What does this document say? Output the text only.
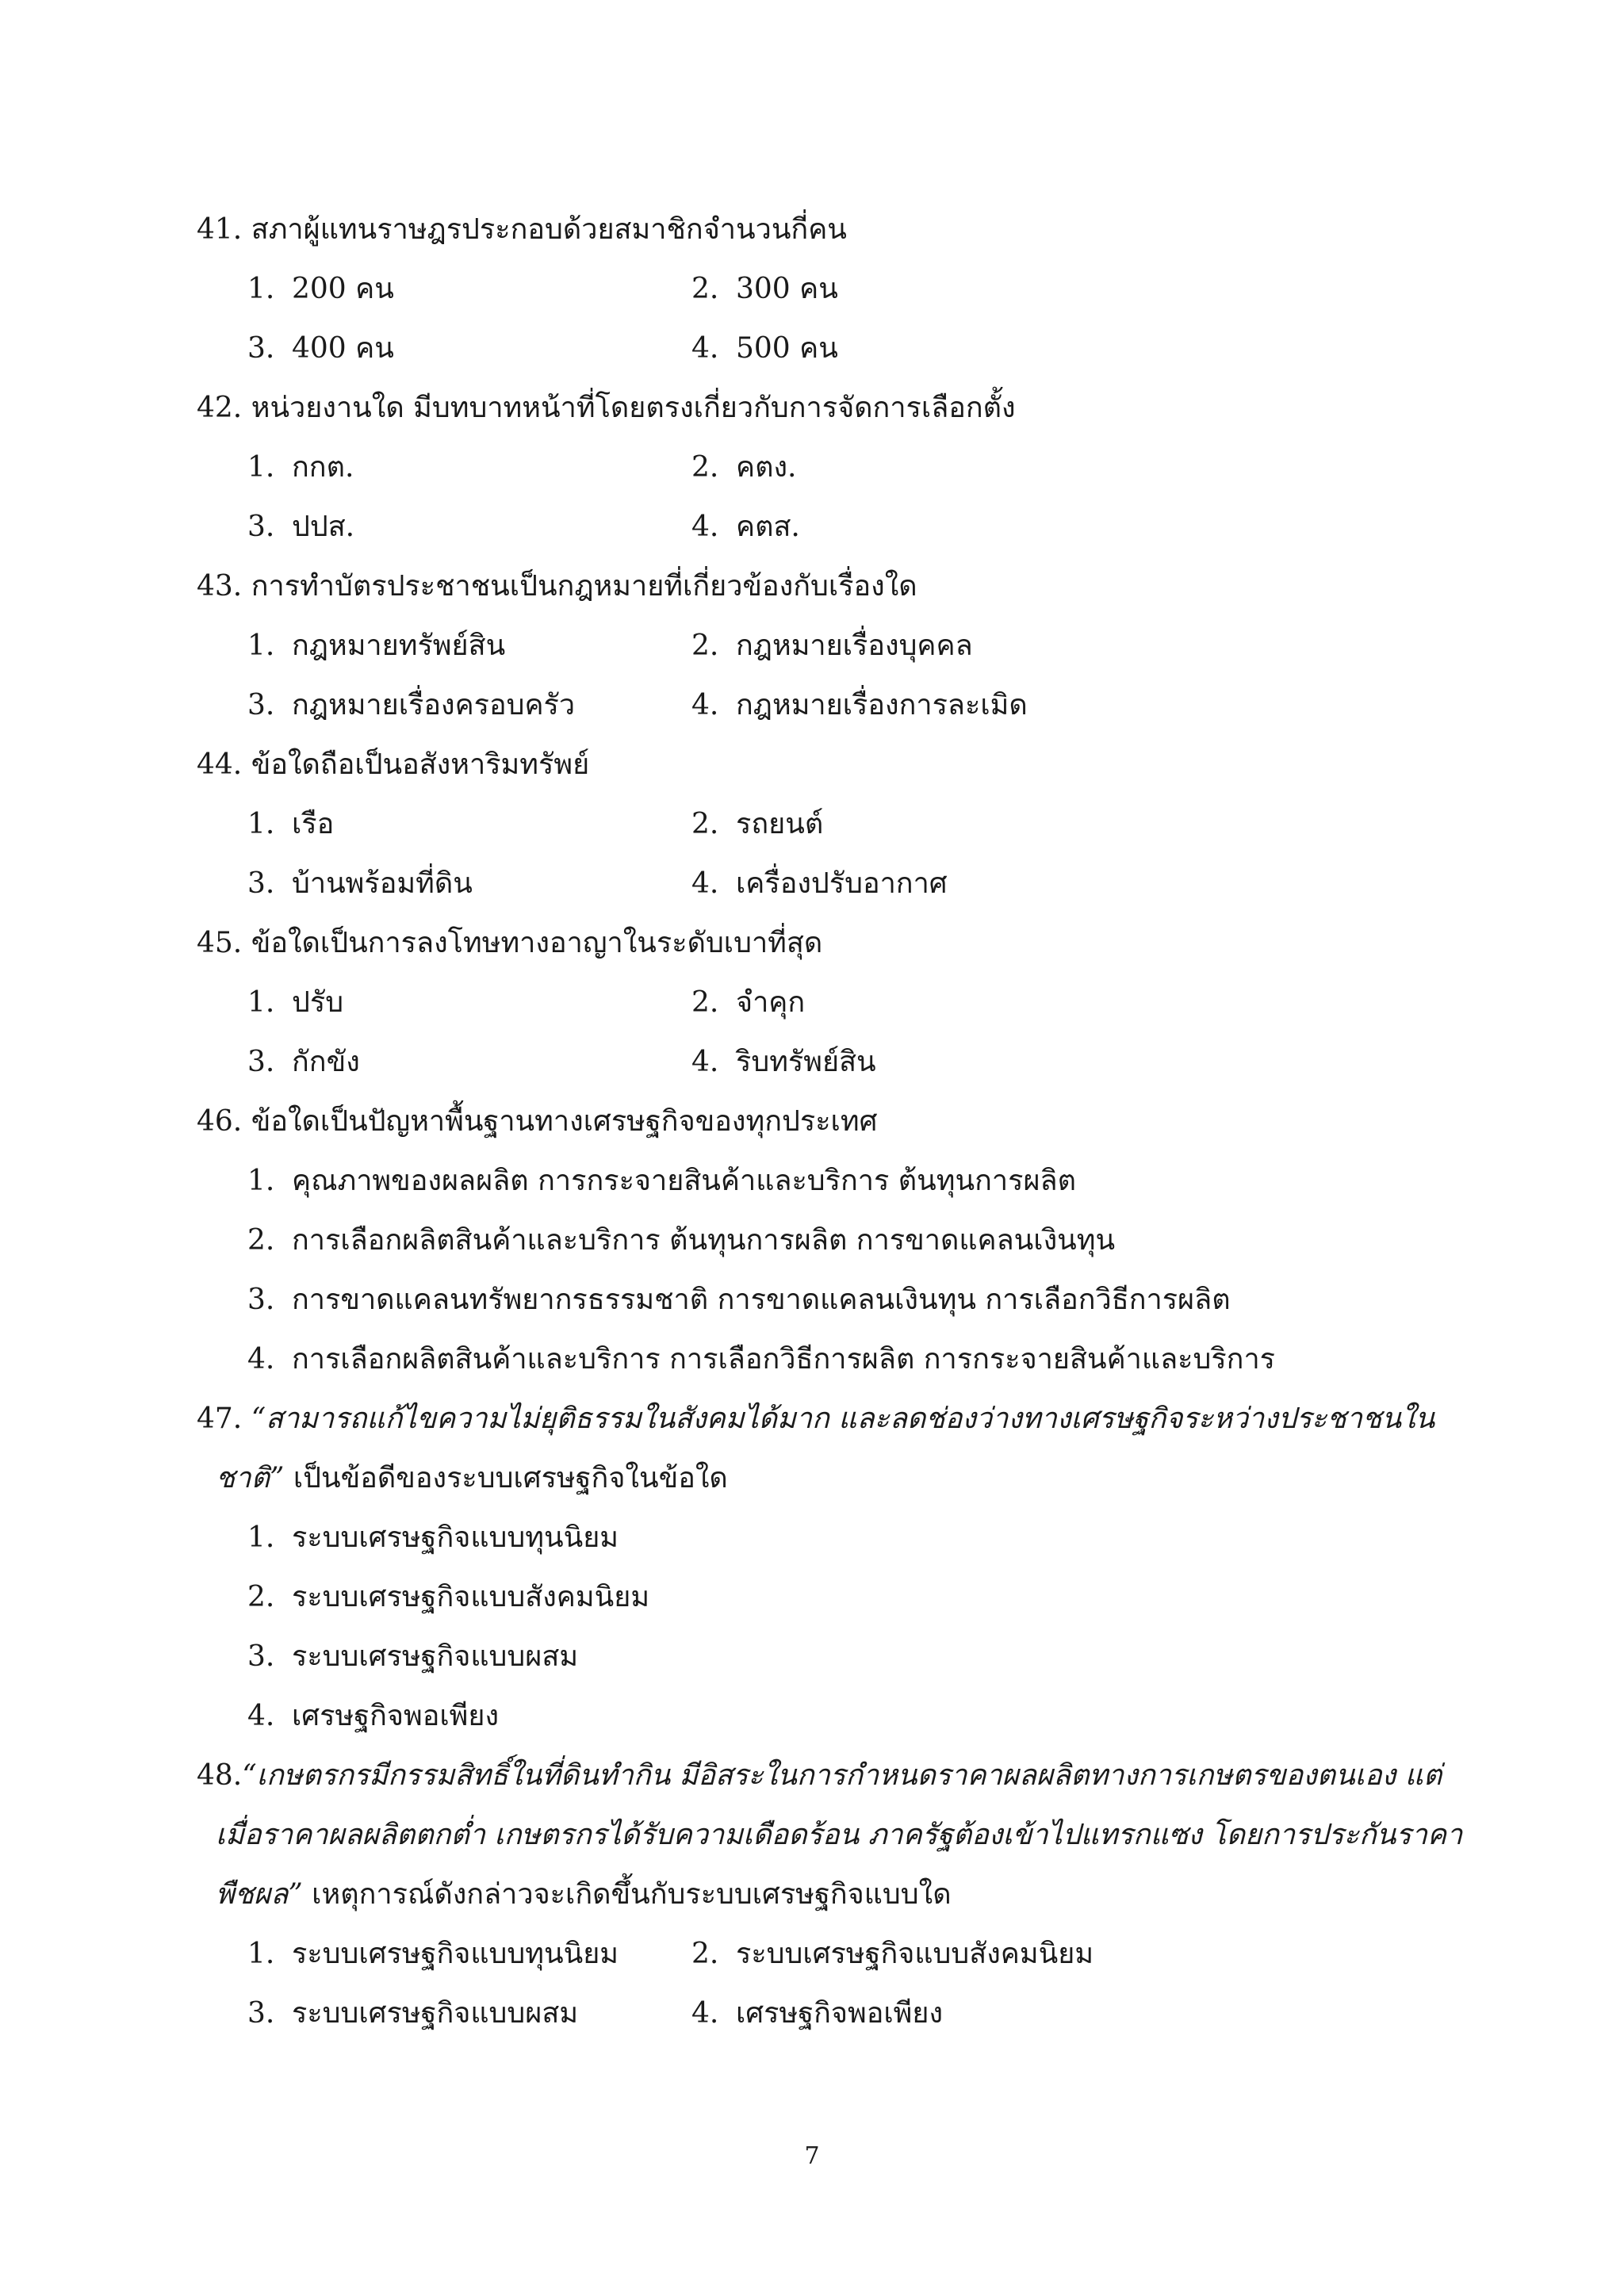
41. สภาผู้แทนราษฎรประกอบด้วยสมาชิกจำนวนกี่คน
1. 200 คน	2. 300 คน
3. 400 คน	4. 500 คน
42. หน่วยงานใด มีบทบาทหน้าที่โดยตรงเกี่ยวกับการจัดการเลือกตั้ง
1. กกต.	2. คตง.
3. ปปส.	4. คตส.
43. การทำบัตรประชาชนเป็นกฎหมายที่เกี่ยวข้องกับเรื่องใด
1. กฎหมายทรัพย์สิน	2. กฎหมายเรื่องบุคคล
3. กฎหมายเรื่องครอบครัว	4. กฎหมายเรื่องการละเมิด
44. ข้อใดถือเป็นอสังหาริมทรัพย์
1. เรือ	2. รถยนต์
3. บ้านพร้อมที่ดิน	4. เครื่องปรับอากาศ
45. ข้อใดเป็นการลงโทษทางอาญาในระดับเบาที่สุด
1. ปรับ	2. จำคุก
3. กักขัง	4. ริบทรัพย์สิน
46. ข้อใดเป็นปัญหาพื้นฐานทางเศรษฐกิจของทุกประเทศ
1. คุณภาพของผลผลิต การกระจายสินค้าและบริการ ต้นทุนการผลิต
2. การเลือกผลิตสินค้าและบริการ ต้นทุนการผลิต การขาดแคลนเงินทุน
3. การขาดแคลนทรัพยากรธรรมชาติ การขาดแคลนเงินทุน การเลือกวิธีการผลิต
4. การเลือกผลิตสินค้าและบริการ การเลือกวิธีการผลิต การกระจายสินค้าและบริการ
47. “สามารถแก้ไขความไม่ยุติธรรมในสังคมได้มาก และลดช่องว่างทางเศรษฐกิจระหว่างประชาชนใน
ชาติ” เป็นข้อดีของระบบเศรษฐกิจในข้อใด
1. ระบบเศรษฐกิจแบบทุนนิยม
2. ระบบเศรษฐกิจแบบสังคมนิยม
3. ระบบเศรษฐกิจแบบผสม
4. เศรษฐกิจพอเพียง
48.“เกษตรกรมีกรรมสิทธิ์ในที่ดินทำกิน มีอิสระในการกำหนดราคาผลผลิตทางการเกษตรของตนเอง แต่
เมื่อราคาผลผลิตตกต่ำ เกษตรกรได้รับความเดือดร้อน ภาครัฐต้องเข้าไปแทรกแซง โดยการประกันราคา
พืชผล” เหตุการณ์ดังกล่าวจะเกิดขึ้นกับระบบเศรษฐกิจแบบใด
1. ระบบเศรษฐกิจแบบทุนนิยม	2. ระบบเศรษฐกิจแบบสังคมนิยม
3. ระบบเศรษฐกิจแบบผสม	4. เศรษฐกิจพอเพียง
7
